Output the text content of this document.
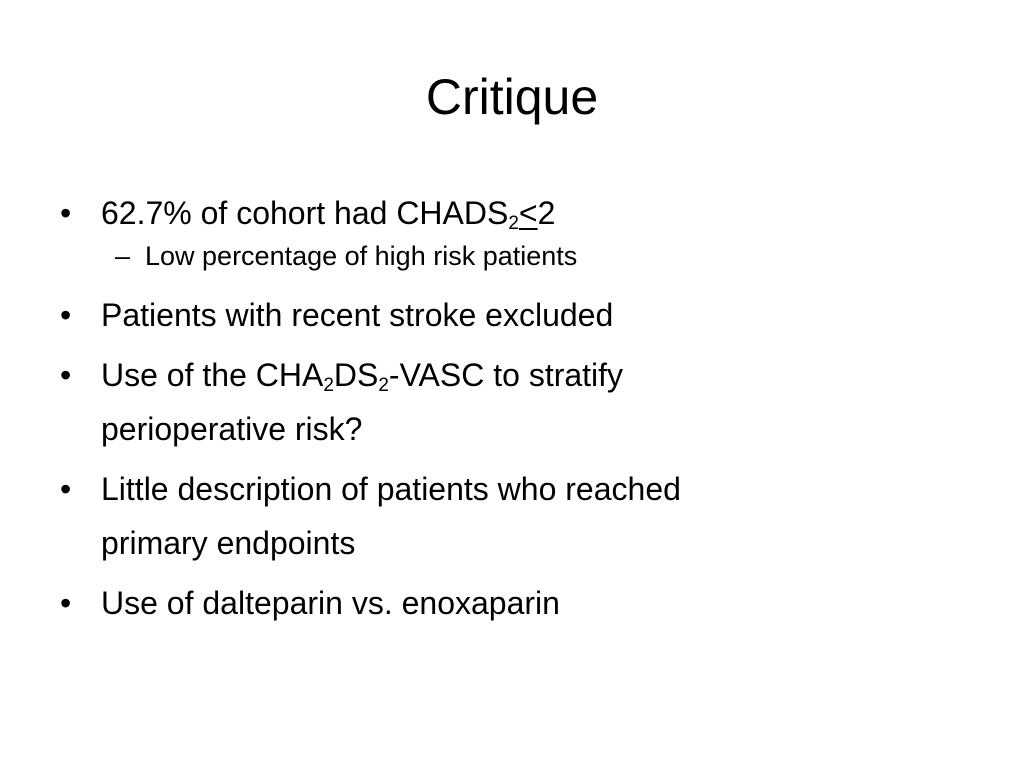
Critique
• 62.7% of cohort had $CHADS_2\le 2$
– Low percentage of high risk patients
• Patients with recent stroke excluded
• Use of the $CHA_2DS_2$-VASC to stratify
perioperative risk?
• Little description of patients who reached
primary endpoints
• Use of dalteparin vs. enoxaparin
